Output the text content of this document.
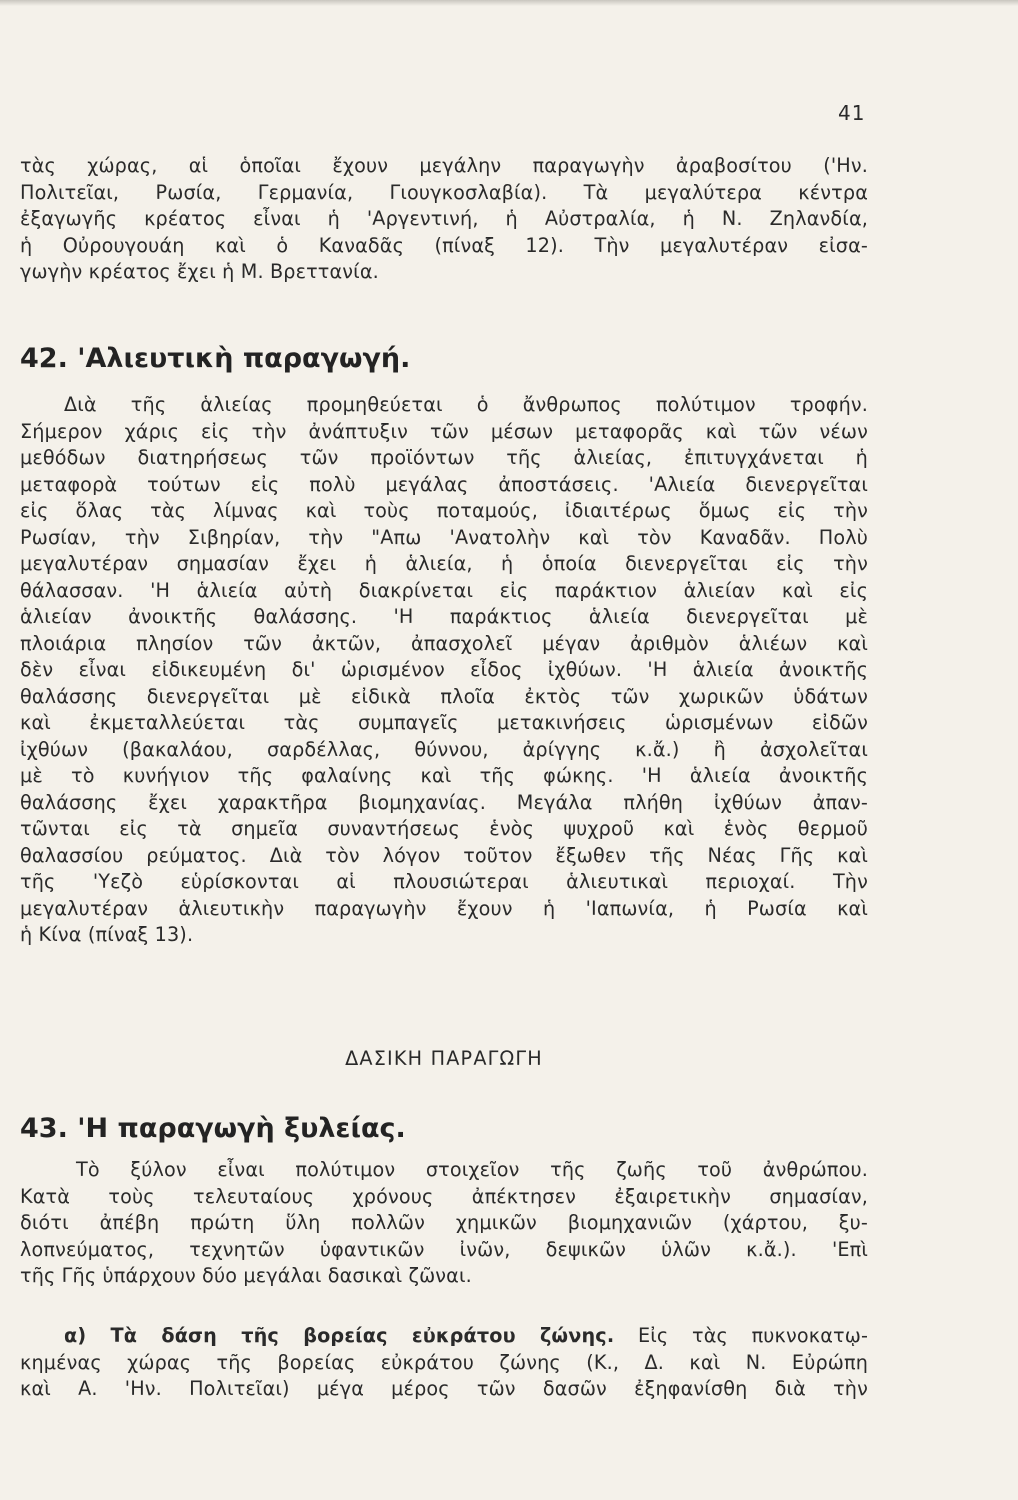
41
τὰς χώρας, αἱ ὁποῖαι ἔχουν μεγάλην παραγωγὴν ἀραβοσίτου ('Ην.
Πολιτεῖαι, Ρωσία, Γερμανία, Γιουγκοσλαβία). Τὰ μεγαλύτερα κέντρα
ἐξαγωγῆς κρέατος εἶναι ἡ 'Αργεντινή, ἡ Αὐστραλία, ἡ Ν. Ζηλανδία,
ἡ Οὐρουγουάη καὶ ὁ Καναδᾶς (πίναξ 12). Τὴν μεγαλυτέραν εἰσα-
γωγὴν κρέατος ἔχει ἡ Μ. Βρεττανία.
42. 'Αλιευτικὴ παραγωγή.
Διὰ τῆς ἁλιείας προμηθεύεται ὁ ἄνθρωπος πολύτιμον τροφήν.
Σήμερον χάρις εἰς τὴν ἀνάπτυξιν τῶν μέσων μεταφορᾶς καὶ τῶν νέων
μεθόδων διατηρήσεως τῶν προϊόντων τῆς ἁλιείας, ἐπιτυγχάνεται ἡ
μεταφορὰ τούτων εἰς πολὺ μεγάλας ἀποστάσεις. 'Αλιεία διενεργεῖται
εἰς ὅλας τὰς λίμνας καὶ τοὺς ποταμούς, ἰδιαιτέρως ὅμως εἰς τὴν
Ρωσίαν, τὴν Σιβηρίαν, τὴν "Απω 'Ανατολὴν καὶ τὸν Καναδᾶν. Πολὺ
μεγαλυτέραν σημασίαν ἔχει ἡ ἁλιεία, ἡ ὁποία διενεργεῖται εἰς τὴν
θάλασσαν. 'Η ἁλιεία αὐτὴ διακρίνεται εἰς παράκτιον ἁλιείαν καὶ εἰς
ἁλιείαν ἀνοικτῆς θαλάσσης. 'Η παράκτιος ἁλιεία διενεργεῖται μὲ
πλοιάρια πλησίον τῶν ἀκτῶν, ἀπασχολεῖ μέγαν ἀριθμὸν ἁλιέων καὶ
δὲν εἶναι εἰδικευμένη δι' ὡρισμένον εἶδος ἰχθύων. 'Η ἁλιεία ἀνοικτῆς
θαλάσσης διενεργεῖται μὲ εἰδικὰ πλοῖα ἐκτὸς τῶν χωρικῶν ὑδάτων
καὶ ἐκμεταλλεύεται τὰς συμπαγεῖς μετακινήσεις ὡρισμένων εἰδῶν
ἰχθύων (βακαλάου, σαρδέλλας, θύννου, ἀρίγγης κ.ἄ.) ἢ ἀσχολεῖται
μὲ τὸ κυνήγιον τῆς φαλαίνης καὶ τῆς φώκης. 'Η ἁλιεία ἀνοικτῆς
θαλάσσης ἔχει χαρακτῆρα βιομηχανίας. Μεγάλα πλήθη ἰχθύων ἀπαν-
τῶνται εἰς τὰ σημεῖα συναντήσεως ἑνὸς ψυχροῦ καὶ ἑνὸς θερμοῦ
θαλασσίου ρεύματος. Διὰ τὸν λόγον τοῦτον ἔξωθεν τῆς Νέας Γῆς καὶ
τῆς 'Υεζὸ εὑρίσκονται αἱ πλουσιώτεραι ἁλιευτικαὶ περιοχαί. Τὴν
μεγαλυτέραν ἁλιευτικὴν παραγωγὴν ἔχουν ἡ 'Ιαπωνία, ἡ Ρωσία καὶ
ἡ Κίνα (πίναξ 13).
ΔΑΣΙΚΗ ΠΑΡΑΓΩΓΗ
43. 'Η παραγωγὴ ξυλείας.
Τὸ ξύλον εἶναι πολύτιμον στοιχεῖον τῆς ζωῆς τοῦ ἀνθρώπου.
Κατὰ τοὺς τελευταίους χρόνους ἀπέκτησεν ἐξαιρετικὴν σημασίαν,
διότι ἀπέβη πρώτη ὕλη πολλῶν χημικῶν βιομηχανιῶν (χάρτου, ξυ-
λοπνεύματος, τεχνητῶν ὑφαντικῶν ἰνῶν, δεψικῶν ὑλῶν κ.ἄ.). 'Επὶ
τῆς Γῆς ὑπάρχουν δύο μεγάλαι δασικαὶ ζῶναι.
α) Τὰ δάση τῆς βορείας εὐκράτου ζώνης. Εἰς τὰς πυκνοκατῳ-
κημένας χώρας τῆς βορείας εὐκράτου ζώνης (Κ., Δ. καὶ Ν. Εὐρώπη
καὶ Α. 'Ην. Πολιτεῖαι) μέγα μέρος τῶν δασῶν ἐξηφανίσθη διὰ τὴν
